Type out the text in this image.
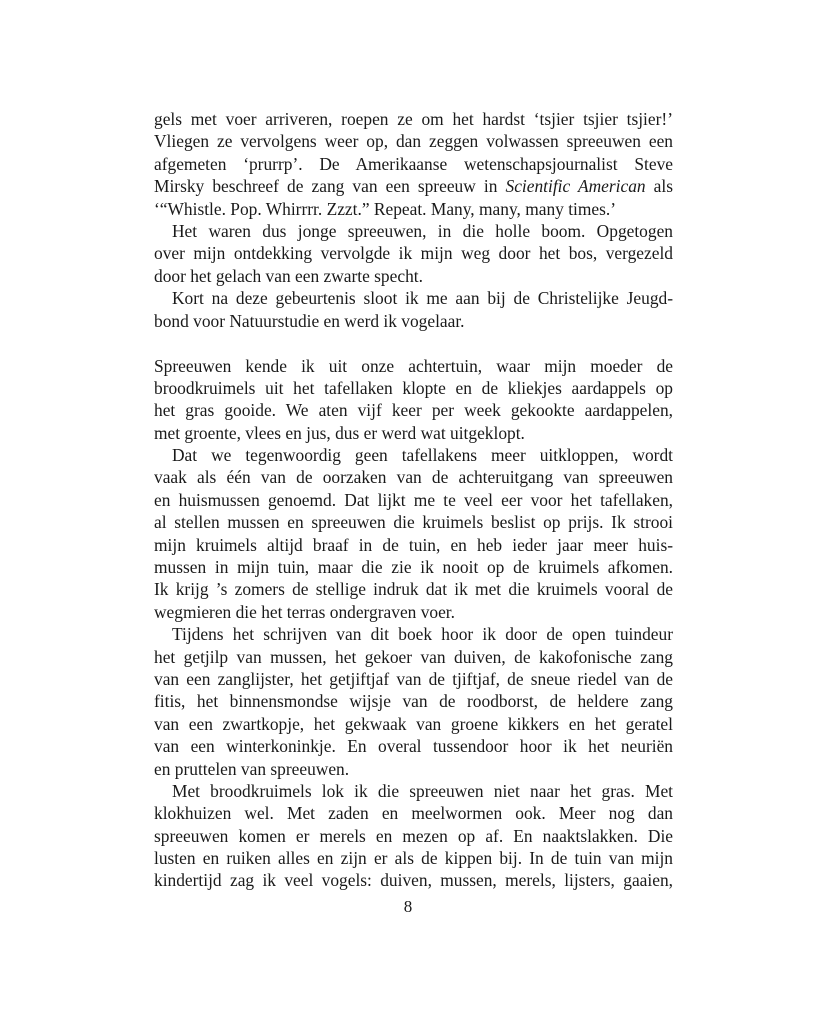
gels met voer arriveren, roepen ze om het hardst ‘tsjier tsjier tsjier!’
Vliegen ze vervolgens weer op, dan zeggen volwassen spreeuwen een
afgemeten ‘prurrp’. De Amerikaanse wetenschapsjournalist Steve
Mirsky beschreef de zang van een spreeuw in Scientific American als
‘“Whistle. Pop. Whirrrr. Zzzt.” Repeat. Many, many, many times.’
Het waren dus jonge spreeuwen, in die holle boom. Opgetogen
over mijn ontdekking vervolgde ik mijn weg door het bos, vergezeld
door het gelach van een zwarte specht.
Kort na deze gebeurtenis sloot ik me aan bij de Christelijke Jeugd-
bond voor Natuurstudie en werd ik vogelaar.
Spreeuwen kende ik uit onze achtertuin, waar mijn moeder de
broodkruimels uit het tafellaken klopte en de kliekjes aardappels op
het gras gooide. We aten vijf keer per week gekookte aardappelen,
met groente, vlees en jus, dus er werd wat uitgeklopt.
Dat we tegenwoordig geen tafellakens meer uitkloppen, wordt
vaak als één van de oorzaken van de achteruitgang van spreeuwen
en huismussen genoemd. Dat lijkt me te veel eer voor het tafellaken,
al stellen mussen en spreeuwen die kruimels beslist op prijs. Ik strooi
mijn kruimels altijd braaf in de tuin, en heb ieder jaar meer huis-
mussen in mijn tuin, maar die zie ik nooit op de kruimels afkomen.
Ik krijg ’s zomers de stellige indruk dat ik met die kruimels vooral de
wegmieren die het terras ondergraven voer.
Tijdens het schrijven van dit boek hoor ik door de open tuindeur
het getjilp van mussen, het gekoer van duiven, de kakofonische zang
van een zanglijster, het getjiftjaf van de tjiftjaf, de sneue riedel van de
fitis, het binnensmondse wijsje van de roodborst, de heldere zang
van een zwartkopje, het gekwaak van groene kikkers en het geratel
van een winterkoninkje. En overal tussendoor hoor ik het neuriën
en pruttelen van spreeuwen.
Met broodkruimels lok ik die spreeuwen niet naar het gras. Met
klokhuizen wel. Met zaden en meelwormen ook. Meer nog dan
spreeuwen komen er merels en mezen op af. En naaktslakken. Die
lusten en ruiken alles en zijn er als de kippen bij. In de tuin van mijn
kindertijd zag ik veel vogels: duiven, mussen, merels, lijsters, gaaien,
8
